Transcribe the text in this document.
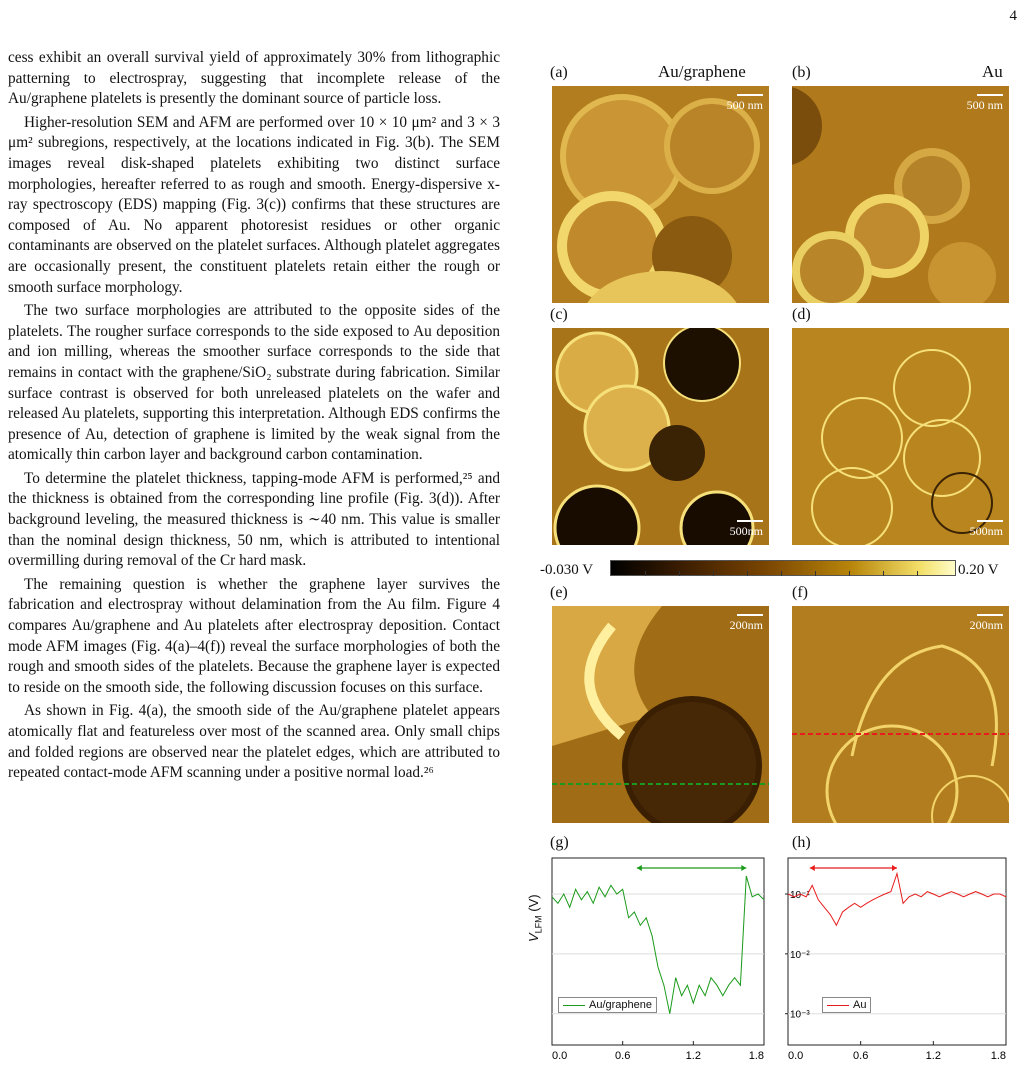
4

cess exhibit an overall survival yield of approximately 30% from lithographic patterning to electrospray, suggesting that incomplete release of the Au/graphene platelets is presently the dominant source of particle loss.

Higher-resolution SEM and AFM are performed over 10 × 10 μm² and 3 × 3 μm² subregions, respectively, at the locations indicated in Fig. 3(b). The SEM images reveal disk-shaped platelets exhibiting two distinct surface morphologies, hereafter referred to as rough and smooth. Energy-dispersive x-ray spectroscopy (EDS) mapping (Fig. 3(c)) confirms that these structures are composed of Au. No apparent photoresist residues or other organic contaminants are observed on the platelet surfaces. Although platelet aggregates are occasionally present, the constituent platelets retain either the rough or smooth surface morphology.

The two surface morphologies are attributed to the opposite sides of the platelets. The rougher surface corresponds to the side exposed to Au deposition and ion milling, whereas the smoother surface corresponds to the side that remains in contact with the graphene/SiO₂ substrate during fabrication. Similar surface contrast is observed for both unreleased platelets on the wafer and released Au platelets, supporting this interpretation. Although EDS confirms the presence of Au, detection of graphene is limited by the weak signal from the atomically thin carbon layer and background carbon contamination.

To determine the platelet thickness, tapping-mode AFM is performed,²⁵ and the thickness is obtained from the corresponding line profile (Fig. 3(d)). After background leveling, the measured thickness is ∼40 nm. This value is smaller than the nominal design thickness, 50 nm, which is attributed to intentional overmilling during removal of the Cr hard mask.

The remaining question is whether the graphene layer survives the fabrication and electrospray without delamination from the Au film. Figure 4 compares Au/graphene and Au platelets after electrospray deposition. Contact mode AFM images (Fig. 4(a)–4(f)) reveal the surface morphologies of both the rough and smooth sides of the platelets. Because the graphene layer is expected to reside on the smooth side, the following discussion focuses on this surface.

As shown in Fig. 4(a), the smooth side of the Au/graphene platelet appears atomically flat and featureless over most of the scanned area. Only small chips and folded regions are observed near the platelet edges, which are attributed to repeated contact-mode AFM scanning under a positive normal load.²⁶

(a)	Au/graphene	(b)	Au
500 nm	500 nm
(c)	(d)
500nm	500nm
-0.030 V	0.20 V
(e)	(f)
200nm	200nm
(g)	(h)
$V_{LFM}$ (V)
0.0	0.6	1.2	1.8
10⁻³
10⁻²
10⁻¹
0.0	0.6	1.2	1.8
Au/graphene	Au
